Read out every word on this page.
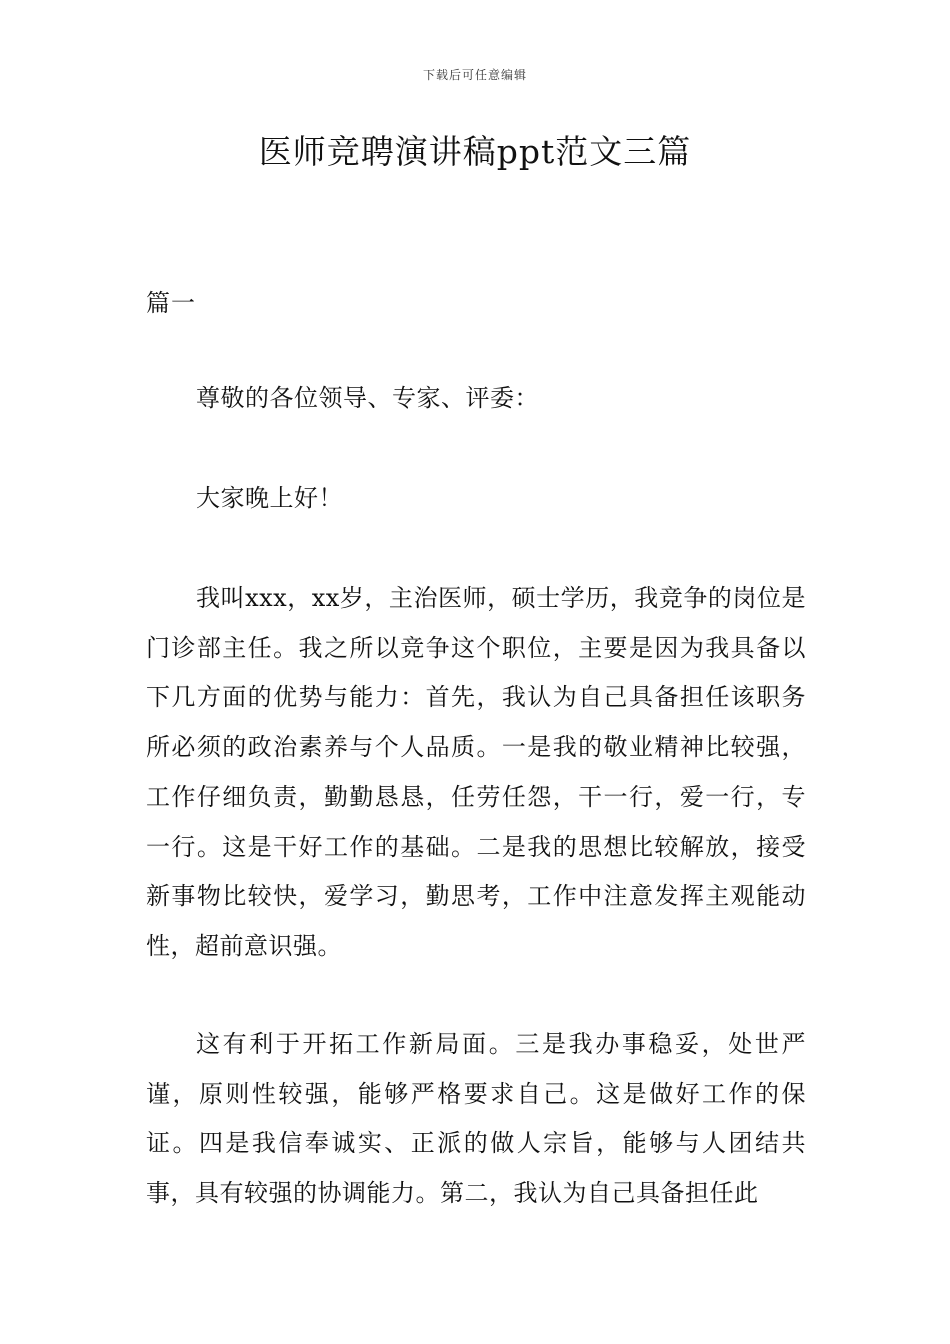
下载后可任意编辑
医师竞聘演讲稿ppt范文三篇
篇一

尊敬的各位领导、专家、评委：

大家晚上好！

我叫xxx，xx岁，主治医师，硕士学历，我竞争的岗位是门诊部主任。我之所以竞争这个职位，主要是因为我具备以下几方面的优势与能力：首先，我认为自己具备担任该职务所必须的政治素养与个人品质。一是我的敬业精神比较强，工作仔细负责，勤勤恳恳，任劳任怨，干一行，爱一行，专一行。这是干好工作的基础。二是我的思想比较解放，接受新事物比较快，爱学习，勤思考，工作中注意发挥主观能动性，超前意识强。

这有利于开拓工作新局面。三是我办事稳妥，处世严谨，原则性较强，能够严格要求自己。这是做好工作的保证。四是我信奉诚实、正派的做人宗旨，能够与人团结共事，具有较强的协调能力。第二，我认为自己具备担任此
